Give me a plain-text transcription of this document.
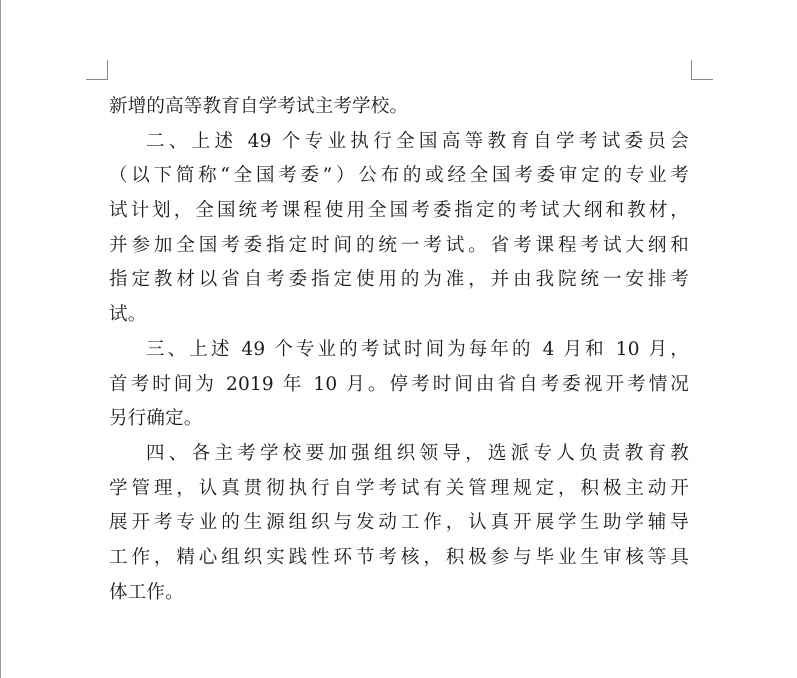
新增的高等教育自学考试主考学校。
二、上述 49 个专业执行全国高等教育自学考试委员会
（以下简称“全国考委”）公布的或经全国考委审定的专业考
试计划，全国统考课程使用全国考委指定的考试大纲和教材，
并参加全国考委指定时间的统一考试。省考课程考试大纲和
指定教材以省自考委指定使用的为准，并由我院统一安排考
试。
三、上述 49 个专业的考试时间为每年的 4 月和 10 月，
首考时间为 2019 年 10 月。停考时间由省自考委视开考情况
另行确定。
四、各主考学校要加强组织领导，选派专人负责教育教
学管理，认真贯彻执行自学考试有关管理规定，积极主动开
展开考专业的生源组织与发动工作，认真开展学生助学辅导
工作，精心组织实践性环节考核，积极参与毕业生审核等具
体工作。
